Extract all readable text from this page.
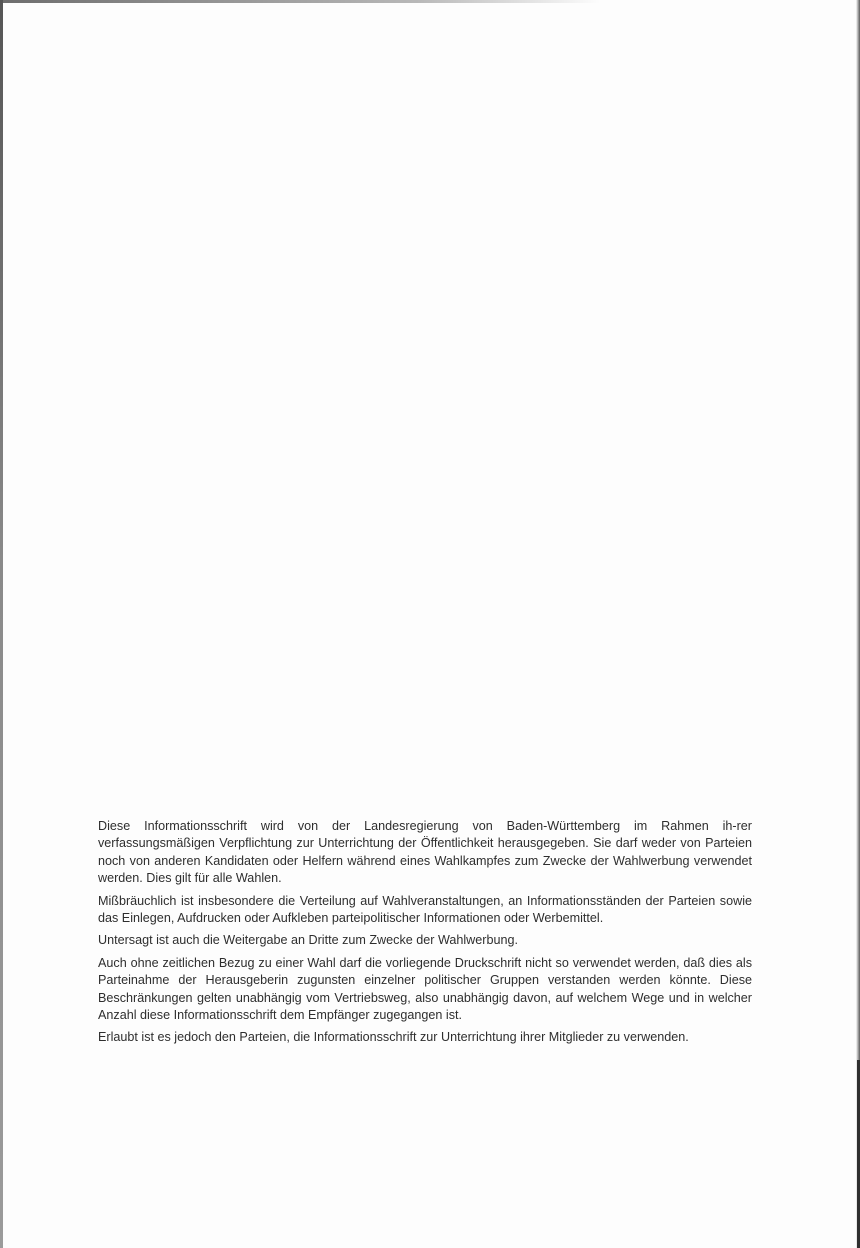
Diese Informationsschrift wird von der Landesregierung von Baden-Württemberg im Rahmen ih-rer verfassungsmäßigen Verpflichtung zur Unterrichtung der Öffentlichkeit herausgegeben. Sie darf weder von Parteien noch von anderen Kandidaten oder Helfern während eines Wahlkampfes zum Zwecke der Wahlwerbung verwendet werden. Dies gilt für alle Wahlen.

Mißbräuchlich ist insbesondere die Verteilung auf Wahlveranstaltungen, an Informationsständen der Parteien sowie das Einlegen, Aufdrucken oder Aufkleben parteipolitischer Informationen oder Werbemittel.

Untersagt ist auch die Weitergabe an Dritte zum Zwecke der Wahlwerbung.

Auch ohne zeitlichen Bezug zu einer Wahl darf die vorliegende Druckschrift nicht so verwendet werden, daß dies als Parteinahme der Herausgeberin zugunsten einzelner politischer Gruppen verstanden werden könnte. Diese Beschränkungen gelten unabhängig vom Vertriebsweg, also unabhängig davon, auf welchem Wege und in welcher Anzahl diese Informationsschrift dem Empfänger zugegangen ist.

Erlaubt ist es jedoch den Parteien, die Informationsschrift zur Unterrichtung ihrer Mitglieder zu verwenden.
